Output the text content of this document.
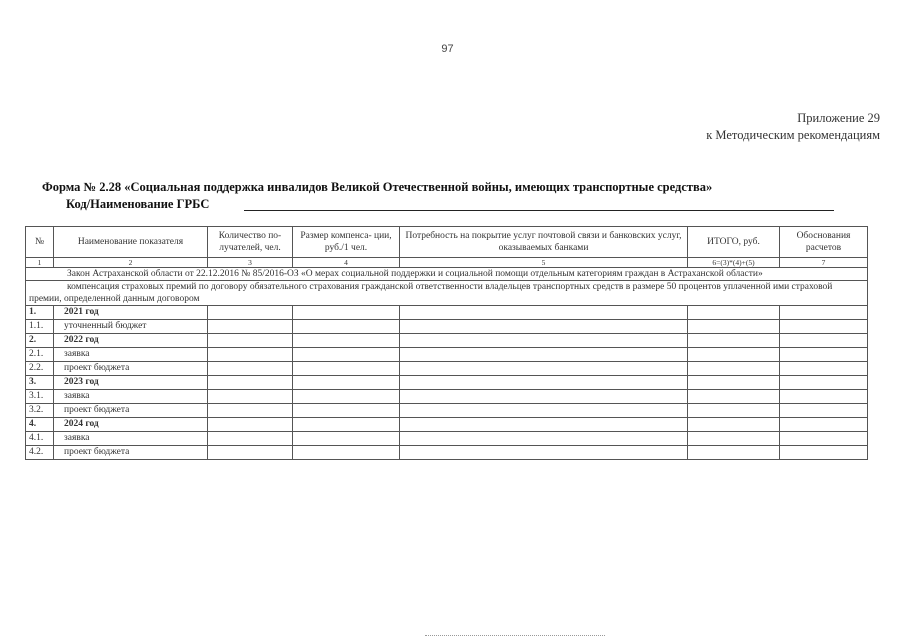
97
Приложение 29
к Методическим рекомендациям
Форма № 2.28 «Социальная поддержка инвалидов Великой Отечественной войны, имеющих транспортные средства»
Код/Наименование ГРБС
№	Наименование показателя	Количество по- лучателей, чел.	Размер компенса- ции, руб./1 чел.	Потребность на покрытие услуг почтовой связи и банковских услуг, оказываемых банками	ИТОГО, руб.	Обоснования расчетов
1	2	3	4	5	6=(3)*(4)+(5)	7
Закон Астраханской области от 22.12.2016 № 85/2016-ОЗ «О мерах социальной поддержки и социальной помощи отдельным категориям граждан в Астраханской области»						
компенсация страховых премий по договору обязательного страхования гражданской ответственности владельцев транспортных средств в размере 50 процентов уплаченной ими страховой премии, определенной данным договором						
1.	2021 год					
1.1.	уточненный бюджет					
2.	2022 год					
2.1.	заявка					
2.2.	проект бюджета					
3.	2023 год					
3.1.	заявка					
3.2.	проект бюджета					
4.	2024 год					
4.1.	заявка					
4.2.	проект бюджета					
